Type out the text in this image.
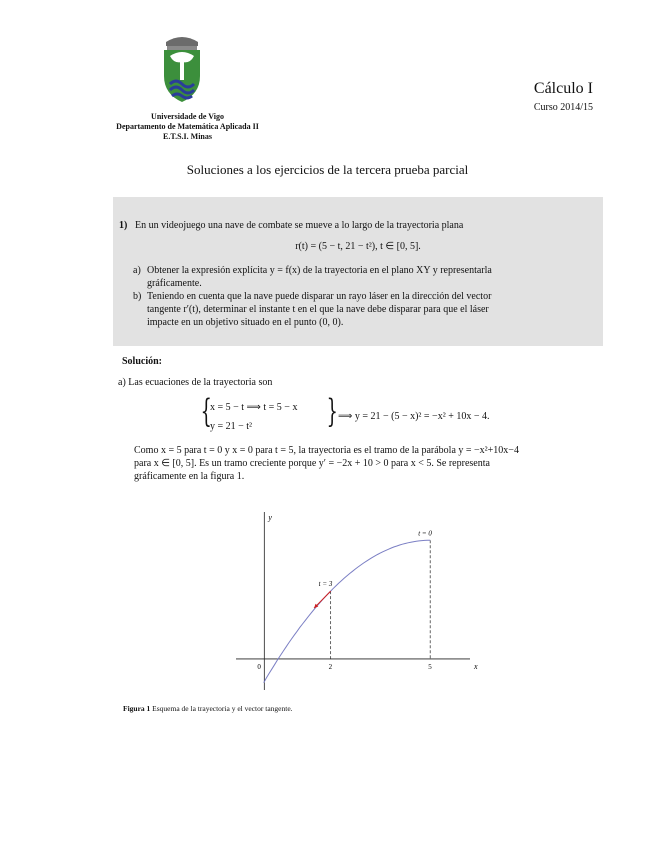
Universidade de Vigo
Departamento de Matemática Aplicada II
E.T.S.I. Minas
Cálculo I
Curso 2014/15
Soluciones a los ejercicios de la tercera prueba parcial
1) En un videojuego una nave de combate se mueve a lo largo de la trayectoria plana
r(t) = (5 − t, 21 − t²), t ∈ [0, 5].
a) Obtener la expresión explícita y = f(x) de la trayectoria en el plano XY y representarla
gráficamente.
b) Teniendo en cuenta que la nave puede disparar un rayo láser en la dirección del vector
tangente r′(t), determinar el instante t en el que la nave debe disparar para que el láser
impacte en un objetivo situado en el punto (0, 0).
Solución:
a) Las ecuaciones de la trayectoria son
{
x = 5 − t ⟹ t = 5 − x
y = 21 − t² } ⟹ y = 21 − (5 − x)² = −x² + 10x − 4.
Como x = 5 para t = 0 y x = 0 para t = 5, la trayectoria es el tramo de la parábola y = −x²+10x−4
para x ∈ [0, 5]. Es un tramo creciente porque y′ = −2x + 10 > 0 para x < 5. Se representa
gráficamente en la figura 1.
x
y
0	2	5
t = 3
t = 0
Figura 1 Esquema de la trayectoria y el vector tangente.
